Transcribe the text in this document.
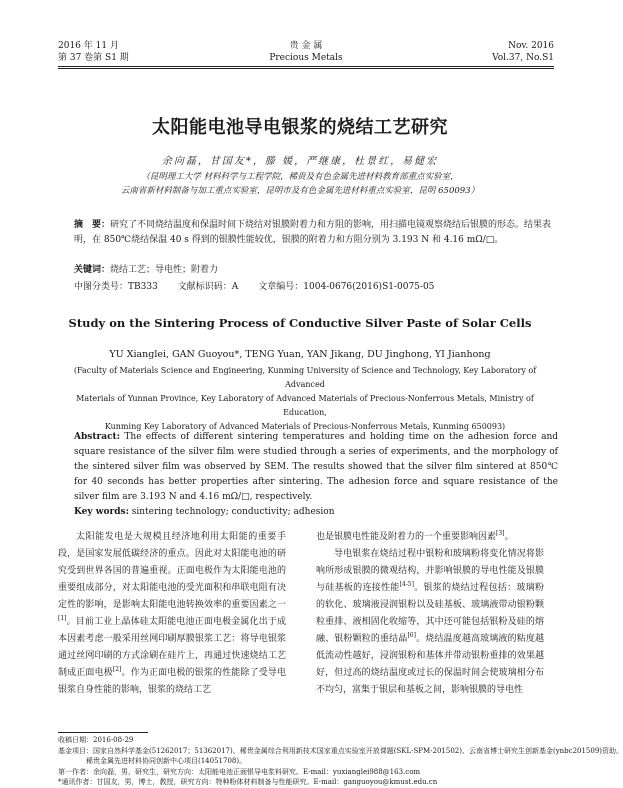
2016 年 11 月
第 37 卷第 S1 期
贵 金 属
Precious Metals
Nov. 2016
Vol.37, No.S1
太阳能电池导电银浆的烧结工艺研究
余向磊，甘国友*，滕 媛，严继康，杜景红，易健宏
（昆明理工大学 材料科学与工程学院，稀贵及有色金属先进材料教育部重点实验室，
云南省新材料制备与加工重点实验室，昆明市及有色金属先进材料重点实验室，昆明 650093）
摘　要：研究了不同烧结温度和保温时间下烧结对银膜附着力和方阻的影响，用扫描电镜观察烧结后银膜的形态。结果表明，在 850℃烧结保温 40 s 得到的银膜性能较优，银膜的附着力和方阻分别为 3.193 N 和 4.16 mΩ/□。
关键词：烧结工艺；导电性；附着力
中图分类号：TB333 文献标识码：A 文章编号：1004-0676(2016)S1-0075-05
Study on the Sintering Process of Conductive Silver Paste of Solar Cells
YU Xianglei, GAN Guoyou*, TENG Yuan, YAN Jikang, DU Jinghong, YI Jianhong
(Faculty of Materials Science and Engineering, Kunming University of Science and Technology, Key Laboratory of Advanced
Materials of Yunnan Province, Key Laboratory of Advanced Materials of Precious-Nonferrous Metals, Ministry of Education,
Kunming Key Laboratory of Advanced Materials of Precious-Nonferrous Metals, Kunming 650093)
Abstract: The effects of different sintering temperatures and holding time on the adhesion force and square resistance of the silver film were studied through a series of experiments, and the morphology of the sintered silver film was observed by SEM. The results showed that the silver film sintered at 850℃ for 40 seconds has better properties after sintering. The adhesion force and square resistance of the silver film are 3.193 N and 4.16 mΩ/□, respectively.
Key words: sintering technology; conductivity; adhesion

太阳能发电是大规模且经济地利用太阳能的重要手段，是国家发展低碳经济的重点。因此对太阳能电池的研究受到世界各国的普遍重视。正面电极作为太阳能电池的重要组成部分，对太阳能电池的受光面积和串联电阻有决定性的影响，是影响太阳能电池转换效率的重要因素之一[1]。目前工业上晶体硅太阳能电池正面电极金属化出于成本因素考虑一般采用丝网印刷厚膜银浆工艺：将导电银浆通过丝网印刷的方式涂刷在硅片上，再通过快速烧结工艺制成正面电极[2]。作为正面电极的银浆的性能除了受导电银浆自身性能的影响，银浆的烧结工艺

也是银膜电性能及附着力的一个重要影响因素[3]。

导电银浆在烧结过程中银粉和玻璃粉将变化情况将影响所形成银膜的微观结构，并影响银膜的导电性能及银膜与硅基板的连接性能[4-5]。银浆的烧结过程包括：玻璃粉的软化、玻璃液浸润银粉以及硅基板、玻璃液带动银粉颗粒重排、液相固化收缩等，其中还可能包括银粉及硅的熔融、银粉颗粒的重结晶[6]。烧结温度越高玻璃液的粘度越低流动性越好，浸润银粉和基体并带动银粉重排的效果越好，但过高的烧结温度或过长的保温时间会使玻璃相分布不均匀，富集于银层和基板之间，影响银膜的导电性

收稿日期：2016-08-29
基金项目：国家自然科学基金(51262017；51362017)、稀贵金属综合利用新技术国家重点实验室开放课题(SKL-SPM-201502)、云南省博士研究生创新基金(ynbc201509)资助。
稀贵金属先进材料协同创新中心项目(14051708)。
第一作者：余向磊，男，研究生，研究方向：太阳能电池正面银导电浆料研究。E-mail：yuxianglei988@163.com
*通讯作者：甘国友，男，博士，教授，研究方向：特种粉体材料制备与性能研究。E-mail：ganguoyou@kmust.edu.cn
